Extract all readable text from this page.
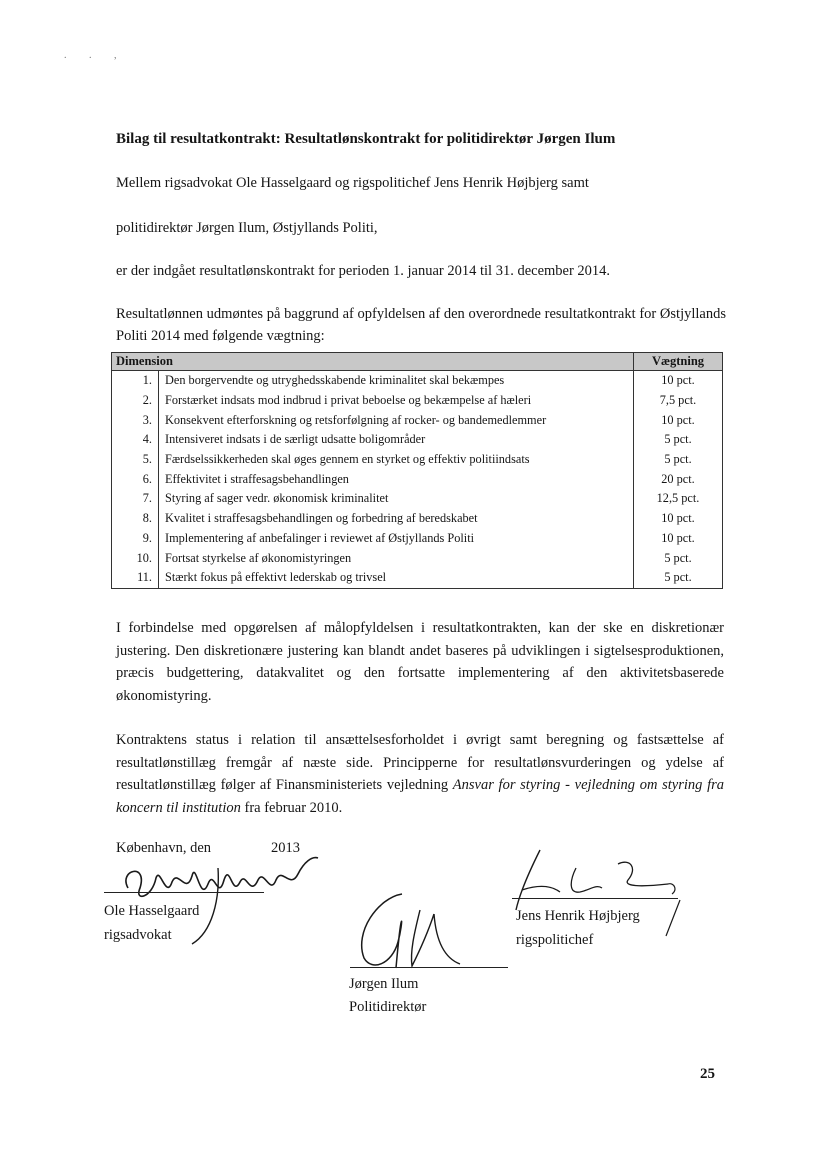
. . ,
Bilag til resultatkontrakt: Resultatlønskontrakt for politidirektør Jørgen Ilum
Mellem rigsadvokat Ole Hasselgaard og rigspolitichef Jens Henrik Højbjerg samt
politidirektør Jørgen Ilum, Østjyllands Politi,
er der indgået resultatlønskontrakt for perioden 1. januar 2014 til 31. december 2014.
Resultatlønnen udmøntes på baggrund af opfyldelsen af den overordnede resultatkontrakt for Østjyllands Politi 2014 med følgende vægtning:
Dimension		Vægtning
1.	Den borgervendte og utryghedsskabende kriminalitet skal bekæmpes	10 pct.
2.	Forstærket indsats mod indbrud i privat beboelse og bekæmpelse af hæleri	7,5 pct.
3.	Konsekvent efterforskning og retsforfølgning af rocker- og bandemedlemmer	10 pct.
4.	Intensiveret indsats i de særligt udsatte boligområder	5 pct.
5.	Færdselssikkerheden skal øges gennem en styrket og effektiv politiindsats	5 pct.
6.	Effektivitet i straffesagsbehandlingen	20 pct.
7.	Styring af sager vedr. økonomisk kriminalitet	12,5 pct.
8.	Kvalitet i straffesagsbehandlingen og forbedring af beredskabet	10 pct.
9.	Implementering af anbefalinger i reviewet af Østjyllands Politi	10 pct.
10.	Fortsat styrkelse af økonomistyringen	5 pct.
11.	Stærkt fokus på effektivt lederskab og trivsel	5 pct.
I forbindelse med opgørelsen af målopfyldelsen i resultatkontrakten, kan der ske en diskretionær justering. Den diskretionære justering kan blandt andet baseres på udviklingen i sigtelsesproduktionen, præcis budgettering, datakvalitet og den fortsatte implementering af den aktivitetsbaserede økonomistyring.
Kontraktens status i relation til ansættelsesforholdet i øvrigt samt beregning og fastsættelse af resultatlønstillæg fremgår af næste side. Principperne for resultatlønsvurderingen og ydelse af resultatlønstillæg følger af Finansministeriets vejledning Ansvar for styring - vejledning om styring fra koncern til institution fra februar 2010.
København, den	2013
Ole Hasselgaard
rigsadvokat
Jens Henrik Højbjerg
rigspolitichef
Jørgen Ilum
Politidirektør
25
